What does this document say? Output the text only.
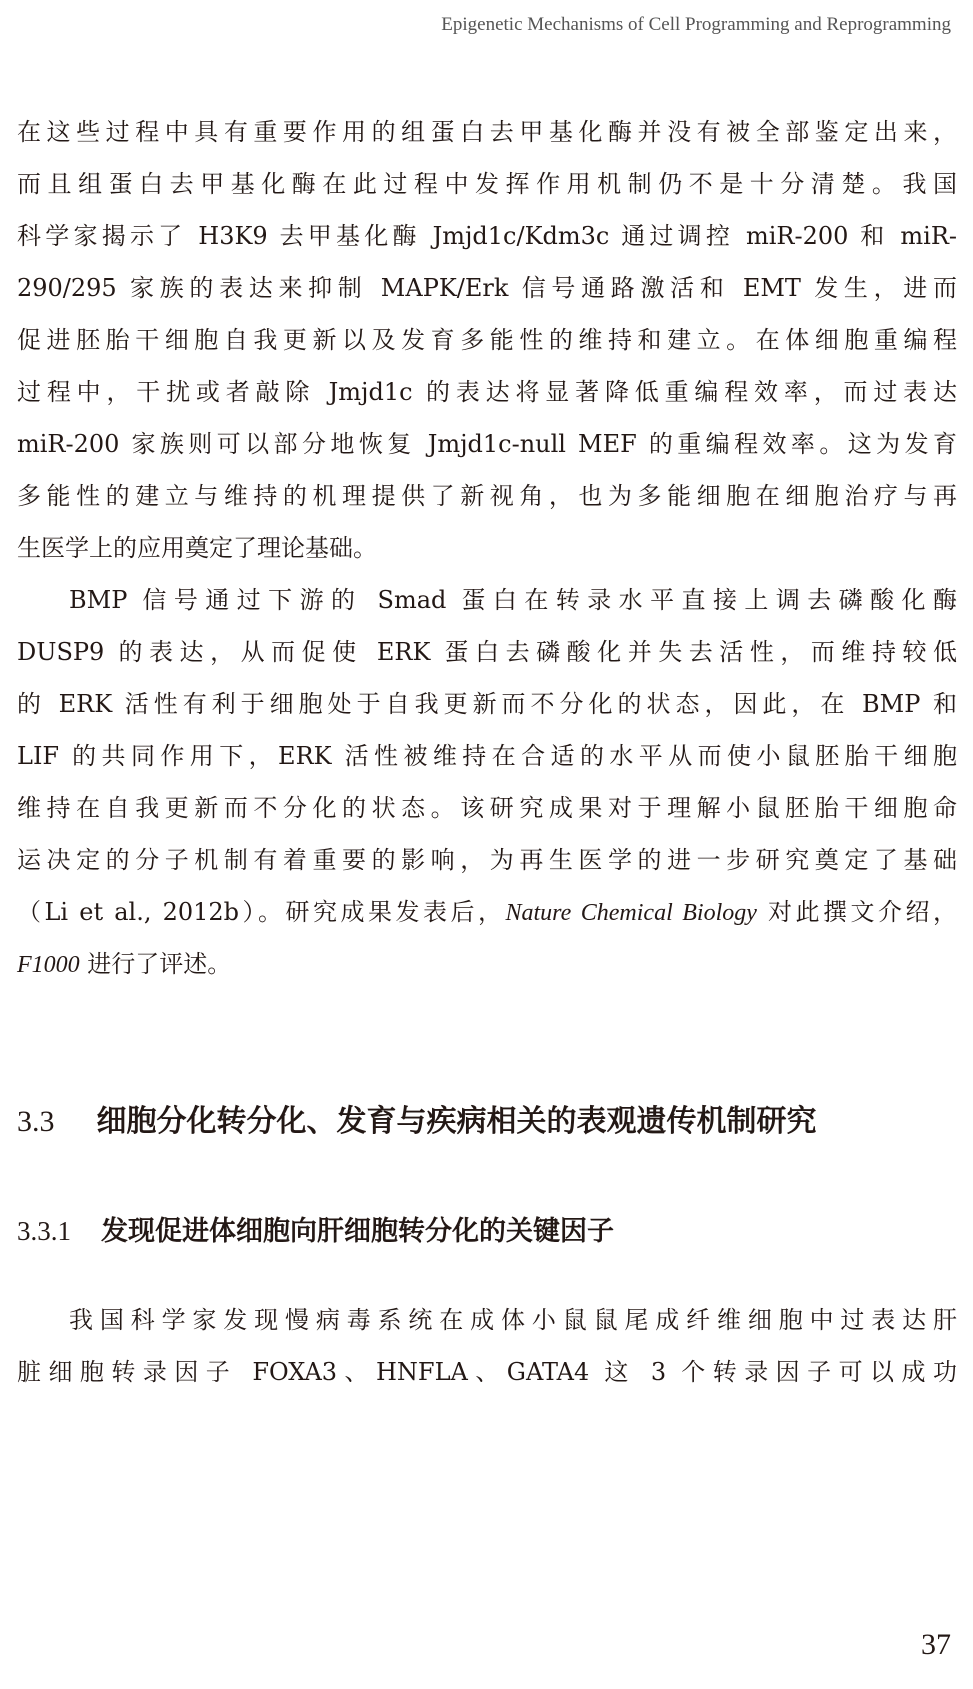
Epigenetic Mechanisms of Cell Programming and Reprogramming
在这些过程中具有重要作用的组蛋白去甲基化酶并没有被全部鉴定出来，
而且组蛋白去甲基化酶在此过程中发挥作用机制仍不是十分清楚。我国
科学家揭示了 H3K9 去甲基化酶 Jmjd1c/Kdm3c 通过调控 miR-200 和 miR-
290/295 家族的表达来抑制 MAPK/Erk 信号通路激活和 EMT 发生，进而
促进胚胎干细胞自我更新以及发育多能性的维持和建立。在体细胞重编程
过程中，干扰或者敲除 Jmjd1c 的表达将显著降低重编程效率，而过表达
miR-200 家族则可以部分地恢复 Jmjd1c-null MEF 的重编程效率。这为发育
多能性的建立与维持的机理提供了新视角，也为多能细胞在细胞治疗与再
生医学上的应用奠定了理论基础。
BMP 信号通过下游的 Smad 蛋白在转录水平直接上调去磷酸化酶
DUSP9 的表达，从而促使 ERK 蛋白去磷酸化并失去活性，而维持较低
的 ERK 活性有利于细胞处于自我更新而不分化的状态，因此，在 BMP 和
LIF 的共同作用下，ERK 活性被维持在合适的水平从而使小鼠胚胎干细胞
维持在自我更新而不分化的状态。该研究成果对于理解小鼠胚胎干细胞命
运决定的分子机制有着重要的影响，为再生医学的进一步研究奠定了基础
（Li et al., 2012b）。研究成果发表后，Nature Chemical Biology 对此撰文介绍，
F1000 进行了评述。
3.3 细胞分化转分化、发育与疾病相关的表观遗传机制研究
3.3.1 发现促进体细胞向肝细胞转分化的关键因子
我国科学家发现慢病毒系统在成体小鼠鼠尾成纤维细胞中过表达肝
脏细胞转录因子 FOXA3、HNFLA、GATA4 这 3 个转录因子可以成功
37
